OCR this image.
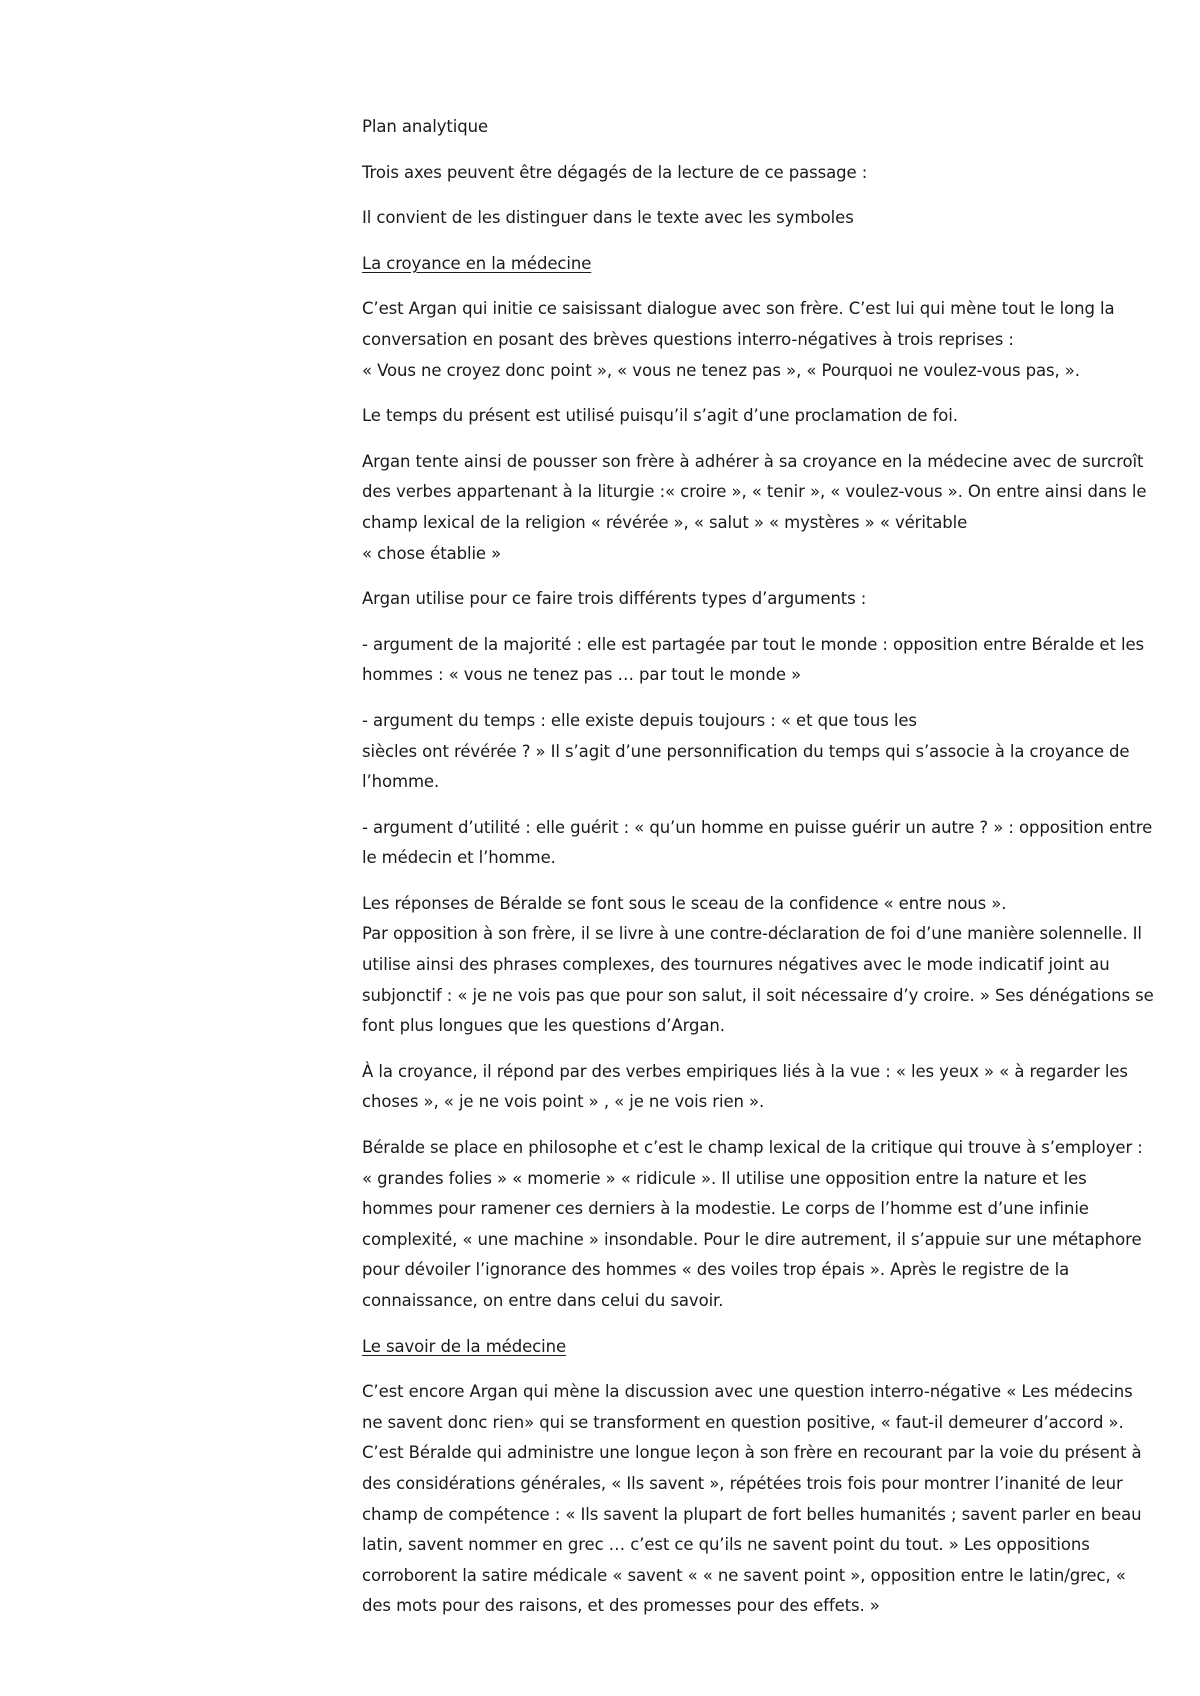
Plan analytique

Trois axes peuvent être dégagés de la lecture de ce passage :

Il convient de les distinguer dans le texte avec les symboles

La croyance en la médecine

C’est Argan qui initie ce saisissant dialogue avec son frère. C’est lui qui mène tout le long la conversation en posant des brèves questions interro-négatives à trois reprises :
« Vous ne croyez donc point », « vous ne tenez pas », « Pourquoi ne voulez-vous pas, ».

Le temps du présent est utilisé puisqu’il s’agit d’une proclamation de foi.

Argan tente ainsi de pousser son frère à adhérer à sa croyance en la médecine avec de surcroît des verbes appartenant à la liturgie :« croire », « tenir », « voulez-vous ». On entre ainsi dans le champ lexical de la religion « révérée », « salut » « mystères » « véritable
« chose établie »

Argan utilise pour ce faire trois différents types d’arguments :

- argument de la majorité : elle est partagée par tout le monde : opposition entre Béralde et les hommes : « vous ne tenez pas … par tout le monde »

- argument du temps : elle existe depuis toujours : « et que tous les
siècles ont révérée ? » Il s’agit d’une personnification du temps qui s’associe à la croyance de l’homme.

- argument d’utilité : elle guérit : « qu’un homme en puisse guérir un autre ? » : opposition entre le médecin et l’homme.

Les réponses de Béralde se font sous le sceau de la confidence « entre nous ».
Par opposition à son frère, il se livre à une contre-déclaration de foi d’une manière solennelle. Il utilise ainsi des phrases complexes, des tournures négatives avec le mode indicatif joint au subjonctif : « je ne vois pas que pour son salut, il soit nécessaire d’y croire. » Ses dénégations se font plus longues que les questions d’Argan.

À la croyance, il répond par des verbes empiriques liés à la vue : « les yeux » « à regarder les choses », « je ne vois point » , « je ne vois rien ».

Béralde se place en philosophe et c’est le champ lexical de la critique qui trouve à s’employer : « grandes folies » « momerie » « ridicule ». Il utilise une opposition entre la nature et les hommes pour ramener ces derniers à la modestie. Le corps de l’homme est d’une infinie complexité, « une machine » insondable. Pour le dire autrement, il s’appuie sur une métaphore pour dévoiler l’ignorance des hommes « des voiles trop épais ». Après le registre de la connaissance, on entre dans celui du savoir.

Le savoir de la médecine

C’est encore Argan qui mène la discussion avec une question interro-négative « Les médecins ne savent donc rien» qui se transforment en question positive, « faut-il demeurer d’accord ». C’est Béralde qui administre une longue leçon à son frère en recourant par la voie du présent à des considérations générales, « Ils savent », répétées trois fois pour montrer l’inanité de leur champ de compétence : « Ils savent la plupart de fort belles humanités ; savent parler en beau latin, savent nommer en grec … c’est ce qu’ils ne savent point du tout. » Les oppositions corroborent la satire médicale « savent « « ne savent point », opposition entre le latin/grec, « des mots pour des raisons, et des promesses pour des effets. »
